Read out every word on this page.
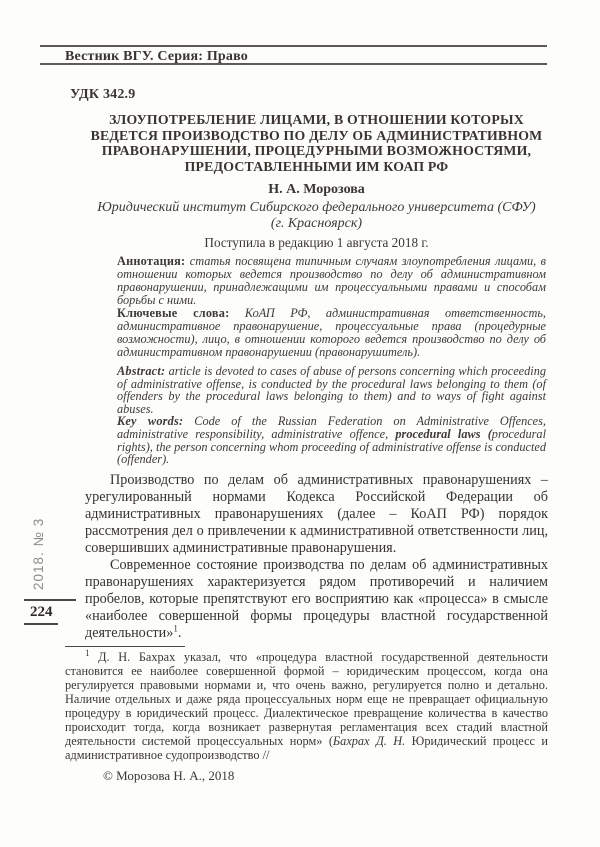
Вестник ВГУ. Серия: Право
2018. № 3
224
УДК 342.9
ЗЛОУПОТРЕБЛЕНИЕ ЛИЦАМИ, В ОТНОШЕНИИ КОТОРЫХ ВЕДЕТСЯ ПРОИЗВОДСТВО ПО ДЕЛУ ОБ АДМИНИСТРАТИВНОМ ПРАВОНАРУШЕНИИ, ПРОЦЕДУРНЫМИ ВОЗМОЖНОСТЯМИ, ПРЕДОСТАВЛЕННЫМИ ИМ КОАП РФ
Н. А. Морозова
Юридический институт Сибирского федерального университета (СФУ)
(г. Красноярск)
Поступила в редакцию 1 августа 2018 г.

Аннотация: статья посвящена типичным случаям злоупотребления лицами, в отношении которых ведется производство по делу об административном правонарушении, принадлежащими им процессуальными правами и способам борьбы с ними.

Ключевые слова: КоАП РФ, административная ответственность, административное правонарушение, процессуальные права (процедурные возможности), лицо, в отношении которого ведется производство по делу об административном правонарушении (правонарушитель).

Abstract: article is devoted to cases of abuse of persons concerning which proceeding of administrative offense, is conducted by the procedural laws belonging to them (of offenders by the procedural laws belonging to them) and to ways of fight against abuses.

Key words: Code of the Russian Federation on Administrative Offences, administrative responsibility, administrative offence, procedural laws (procedural rights), the person concerning whom proceeding of administrative offense is conducted (offender).

Производство по делам об административных правонарушениях – урегулированный нормами Кодекса Российской Федерации об административных правонарушениях (далее – КоАП РФ) порядок рассмотрения дел о привлечении к административной ответственности лиц, совершивших административные правонарушения.

Современное состояние производства по делам об административных правонарушениях характеризуется рядом противоречий и наличием пробелов, которые препятствуют его восприятию как «процесса» в смысле «наиболее совершенной формы процедуры властной государственной деятельности»$^1$.

$^1$ Д. Н. Бахрах указал, что «процедура властной государственной деятельности становится ее наиболее совершенной формой – юридическим процессом, когда она регулируется правовыми нормами и, что очень важно, регулируется полно и детально. Наличие отдельных и даже ряда процессуальных норм еще не превращает официальную процедуру в юридический процесс. Диалектическое превращение количества в качество происходит тогда, когда возникает развернутая регламентация всех стадий властной деятельности системой процессуальных норм» (Бахрах Д. Н. Юридический процесс и административное судопроизводство //

© Морозова Н. А., 2018
